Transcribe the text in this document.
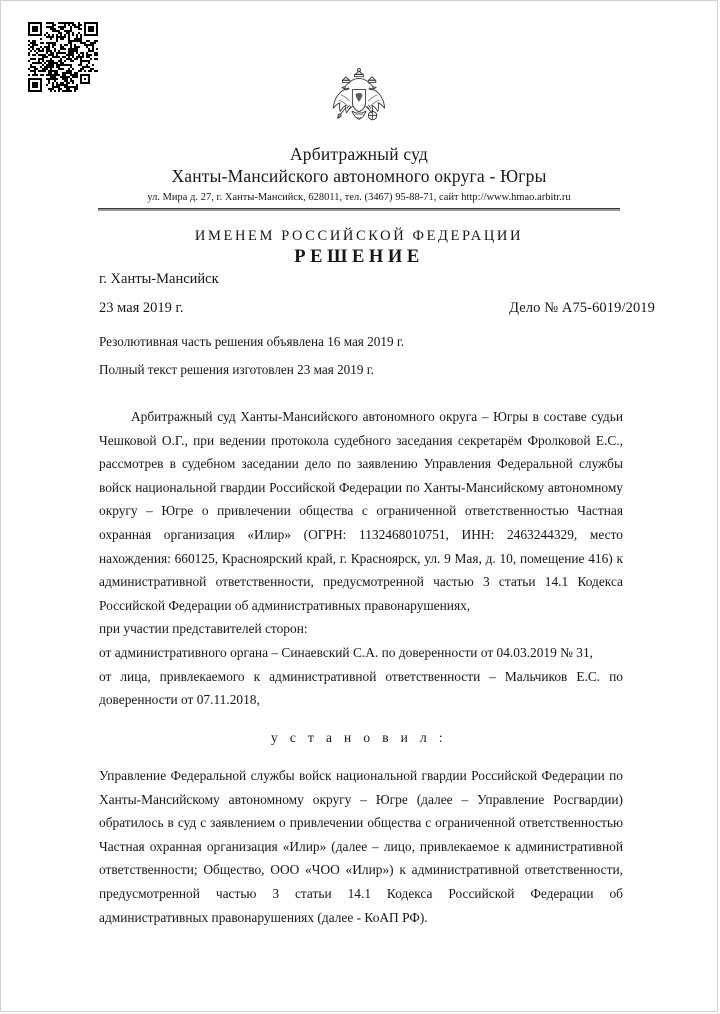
Арбитражный суд
Ханты-Мансийского автономного округа - Югры
ул. Мира д. 27, г. Ханты-Мансийск, 628011, тел. (3467) 95-88-71, сайт http://www.hmao.arbitr.ru
ИМЕНЕМ РОССИЙСКОЙ ФЕДЕРАЦИИ
РЕШЕНИЕ
г. Ханты-Мансийск
23 мая 2019 г.	Дело № А75-6019/2019
Резолютивная часть решения объявлена 16 мая 2019 г.
Полный текст решения изготовлен 23 мая 2019 г.

Арбитражный суд Ханты-Мансийского автономного округа – Югры в составе судьи Чешковой О.Г., при ведении протокола судебного заседания секретарём Фролковой Е.С., рассмотрев в судебном заседании дело по заявлению Управления Федеральной службы войск национальной гвардии Российской Федерации по Ханты-Мансийскому автономному округу – Югре о привлечении общества с ограниченной ответственностью Частная охранная организация «Илир» (ОГРН: 1132468010751, ИНН: 2463244329, место нахождения: 660125, Красноярский край, г. Красноярск, ул. 9 Мая, д. 10, помещение 416) к административной ответственности, предусмотренной частью 3 статьи 14.1 Кодекса Российской Федерации об административных правонарушениях,

при участии представителей сторон:

от административного органа – Синаевский С.А. по доверенности от 04.03.2019 № 31,

от лица, привлекаемого к административной ответственности – Мальчиков Е.С. по доверенности от 07.11.2018,

у с т а н о в и л :

Управление Федеральной службы войск национальной гвардии Российской Федерации по Ханты-Мансийскому автономному округу – Югре (далее – Управление Росгвардии) обратилось в суд с заявлением о привлечении общества с ограниченной ответственностью Частная охранная организация «Илир» (далее – лицо, привлекаемое к административной ответственности; Общество, ООО «ЧОО «Илир») к административной ответственности, предусмотренной частью 3 статьи 14.1 Кодекса Российской Федерации об административных правонарушениях (далее - КоАП РФ).
